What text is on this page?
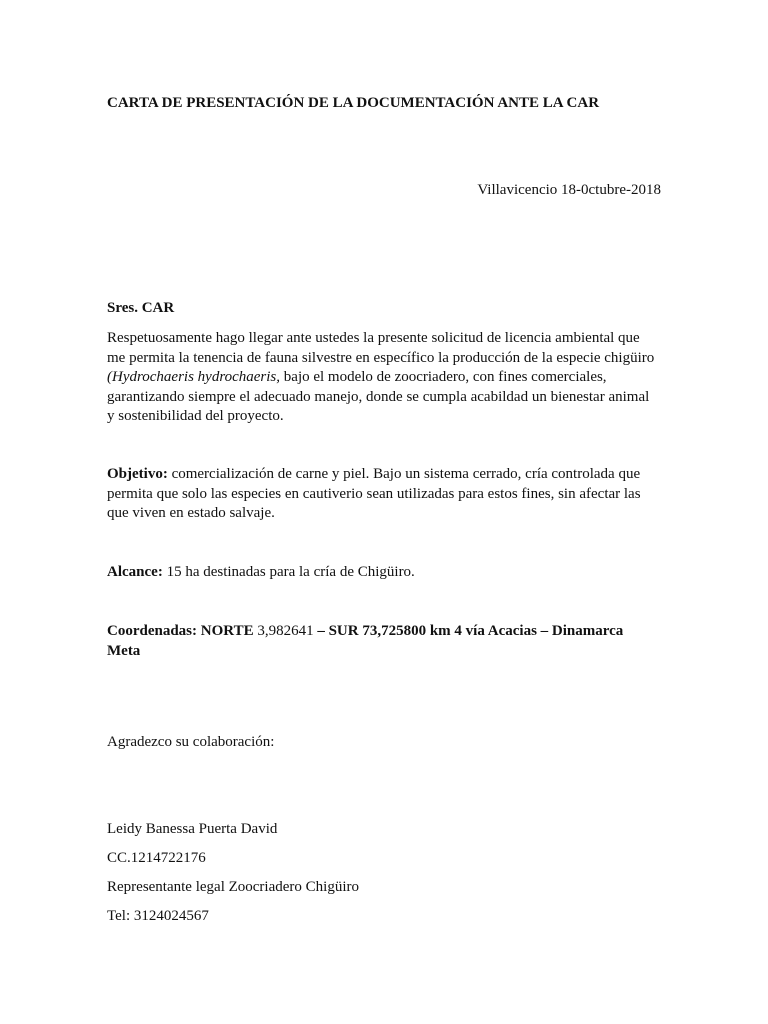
CARTA DE PRESENTACIÓN DE LA DOCUMENTACIÓN ANTE LA CAR

Villavicencio 18-0ctubre-2018

Sres. CAR

Respetuosamente hago llegar ante ustedes la presente solicitud de licencia ambiental que me permita la tenencia de fauna silvestre en específico la producción de la especie chigüiro (Hydrochaeris hydrochaeris, bajo el modelo de zoocriadero, con fines comerciales, garantizando siempre el adecuado manejo, donde se cumpla acabildad un bienestar animal y sostenibilidad del proyecto.

Objetivo: comercialización de carne y piel. Bajo un sistema cerrado, cría controlada que permita que solo las especies en cautiverio sean utilizadas para estos fines, sin afectar las que viven en estado salvaje.

Alcance: 15 ha destinadas para la cría de Chigüiro.

Coordenadas: NORTE 3,982641 – SUR 73,725800 km 4 vía Acacias – Dinamarca Meta

Agradezco su colaboración:

Leidy Banessa Puerta David

CC.1214722176

Representante legal Zoocriadero Chigüiro

Tel: 3124024567
